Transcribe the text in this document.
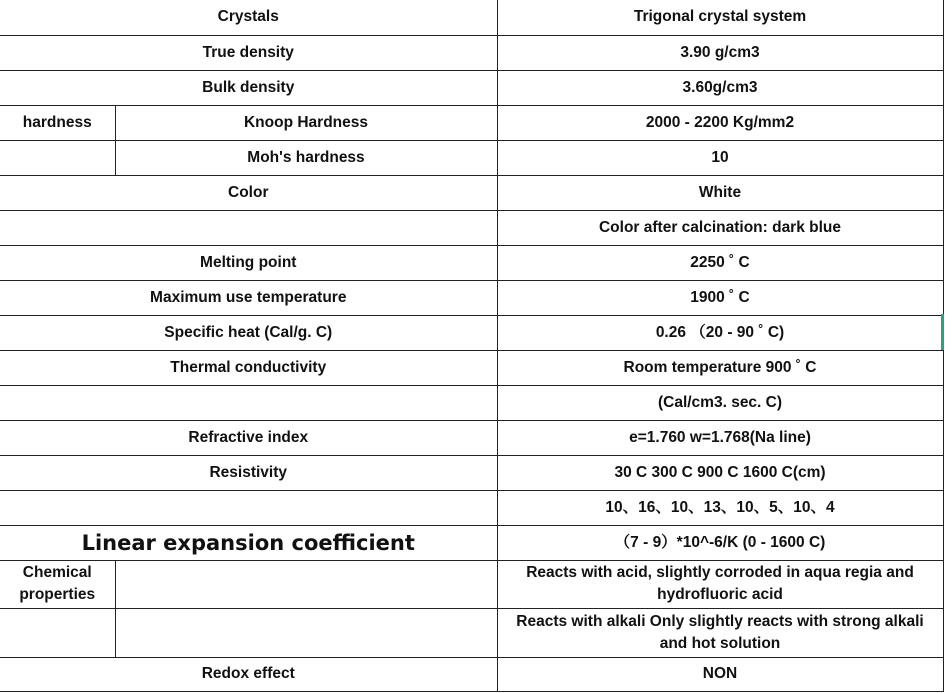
Crystals		Trigonal crystal system
True density		3.90 g/cm3
Bulk density		3.60g/cm3
hardness	Knoop Hardness	2000 - 2200 Kg/mm2
	Moh's hardness	10
Color		White
		Color after calcination: dark blue
Melting point		2250 ˚ C
Maximum use temperature		1900 ˚ C
Specific heat (Cal/g. C)		0.26 （20 - 90 ˚ C)
Thermal conductivity		Room temperature 900 ˚ C
		(Cal/cm3. sec. C)
Refractive index		e=1.760 w=1.768(Na line)
Resistivity		30 C 300 C 900 C 1600 C(cm)
		10、16、10、13、10、5、10、4
Linear expansion coefficient		（7 - 9）*10^-6/K (0 - 1600 C)
Chemical properties		Reacts with acid, slightly corroded in aqua regia and hydrofluoric acid
		Reacts with alkali Only slightly reacts with strong alkali and hot solution
Redox effect		NON
